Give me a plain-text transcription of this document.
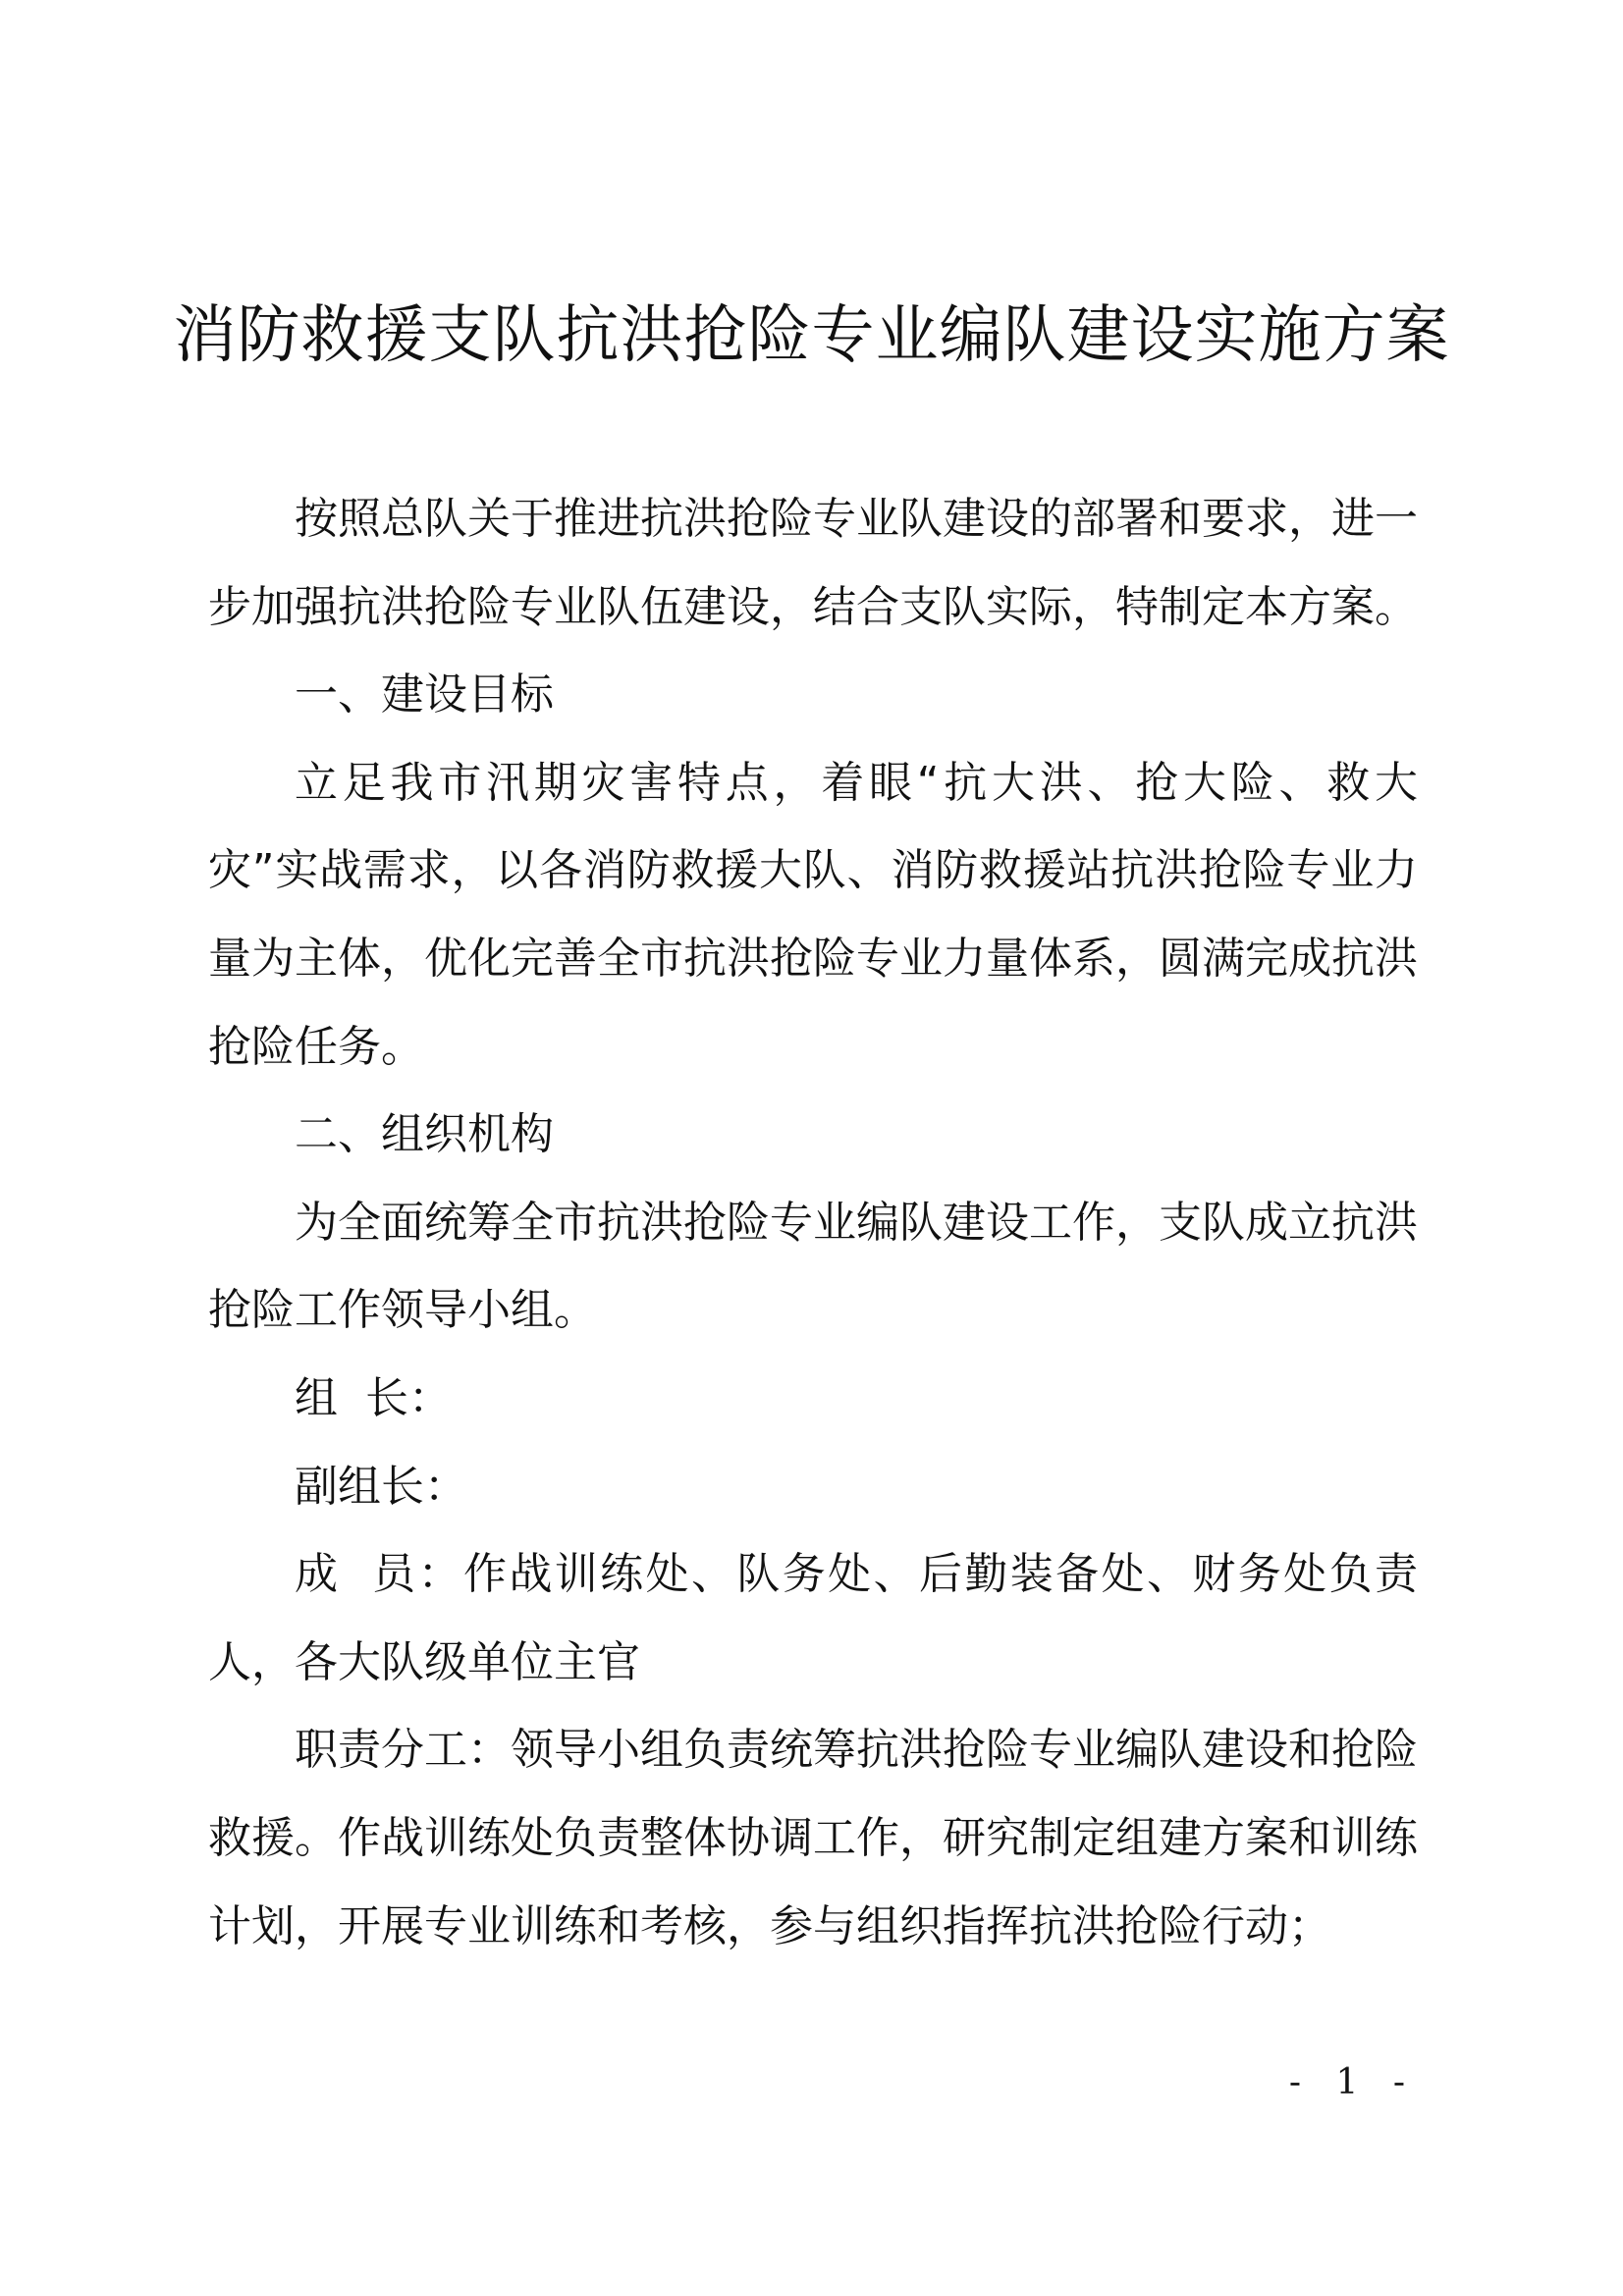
消防救援支队抗洪抢险专业编队建设实施方案

按照总队关于推进抗洪抢险专业队建设的部署和要求，进一步加强抗洪抢险专业队伍建设，结合支队实际，特制定本方案。

一、建设目标

立足我市汛期灾害特点，着眼“抗大洪、抢大险、救大灾”实战需求，以各消防救援大队、消防救援站抗洪抢险专业力量为主体，优化完善全市抗洪抢险专业力量体系，圆满完成抗洪抢险任务。

二、组织机构

为全面统筹全市抗洪抢险专业编队建设工作，支队成立抗洪抢险工作领导小组。

组  长：

副组长：

成  员：作战训练处、队务处、后勤装备处、财务处负责人，各大队级单位主官

职责分工：领导小组负责统筹抗洪抢险专业编队建设和抢险救援。作战训练处负责整体协调工作，研究制定组建方案和训练计划，开展专业训练和考核，参与组织指挥抗洪抢险行动；

- 1 -
